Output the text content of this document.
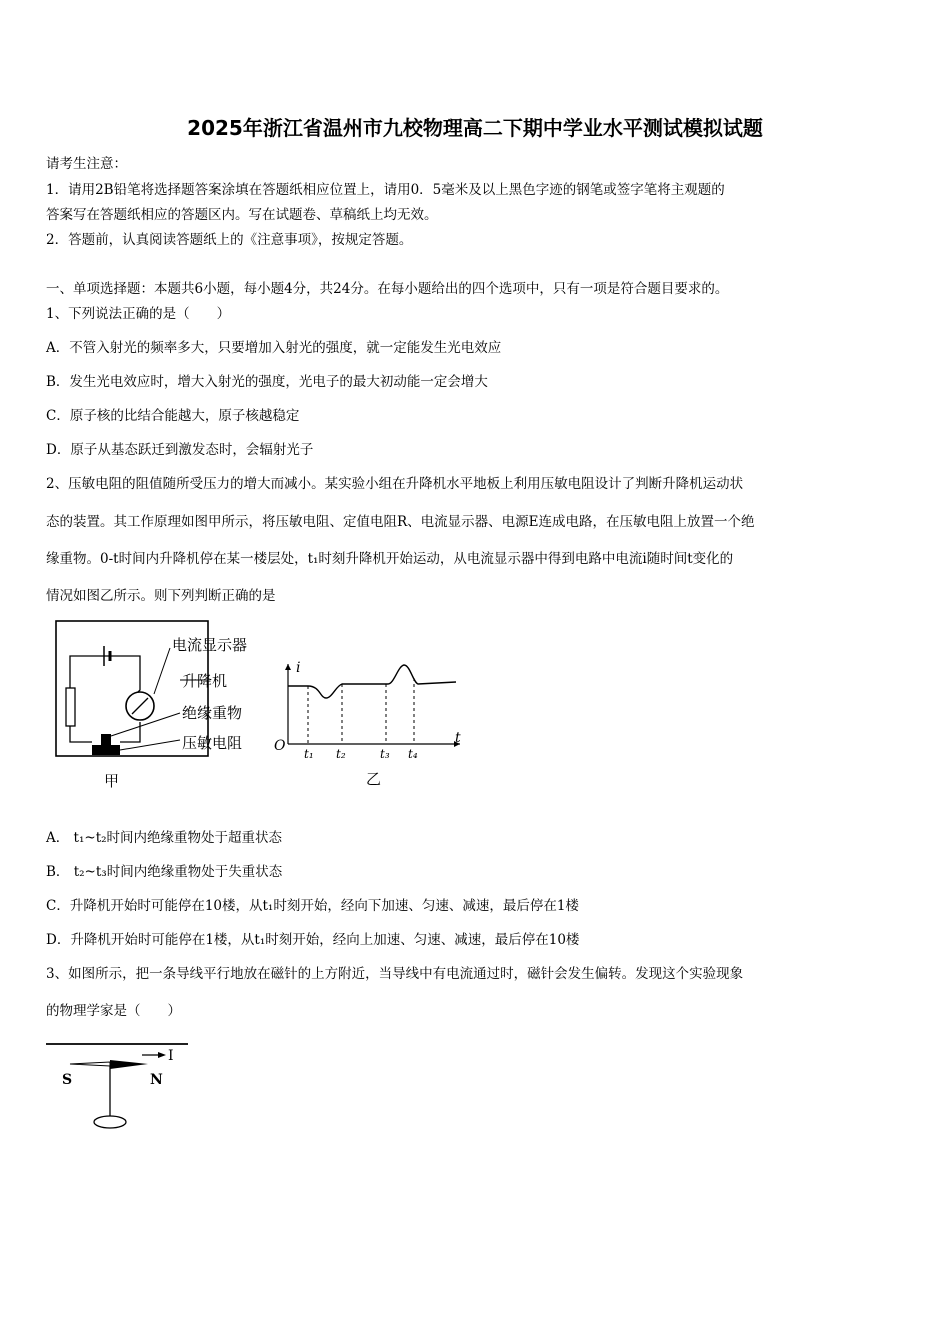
2025年浙江省温州市九校物理高二下期中学业水平测试模拟试题
请考生注意：
1．请用2B铅笔将选择题答案涂填在答题纸相应位置上，请用0．5毫米及以上黑色字迹的钢笔或签字笔将主观题的
答案写在答题纸相应的答题区内。写在试题卷、草稿纸上均无效。
2．答题前，认真阅读答题纸上的《注意事项》，按规定答题。
一、单项选择题：本题共6小题，每小题4分，共24分。在每小题给出的四个选项中，只有一项是符合题目要求的。
1、下列说法正确的是（　　）
A．不管入射光的频率多大，只要增加入射光的强度，就一定能发生光电效应
B．发生光电效应时，增大入射光的强度，光电子的最大初动能一定会增大
C．原子核的比结合能越大，原子核越稳定
D．原子从基态跃迁到激发态时，会辐射光子
2、压敏电阻的阻值随所受压力的增大而减小。某实验小组在升降机水平地板上利用压敏电阻设计了判断升降机运动状
态的装置。其工作原理如图甲所示，将压敏电阻、定值电阻R、电流显示器、电源E连成电路，在压敏电阻上放置一个绝
缘重物。0-t时间内升降机停在某一楼层处，t₁时刻升降机开始运动，从电流显示器中得到电路中电流i随时间t变化的
情况如图乙所示。则下列判断正确的是
电流显示器
升降机
绝缘重物
压敏电阻
甲
i
t
O t₁ t₂	t₃ t₄
乙
A． t₁~t₂时间内绝缘重物处于超重状态
B． t₂~t₃时间内绝缘重物处于失重状态
C．升降机开始时可能停在10楼，从t₁时刻开始，经向下加速、匀速、减速，最后停在1楼
D．升降机开始时可能停在1楼，从t₁时刻开始，经向上加速、匀速、减速，最后停在10楼
3、如图所示，把一条导线平行地放在磁针的上方附近，当导线中有电流通过时，磁针会发生偏转。发现这个实验现象
的物理学家是（　　）
I
S	N
